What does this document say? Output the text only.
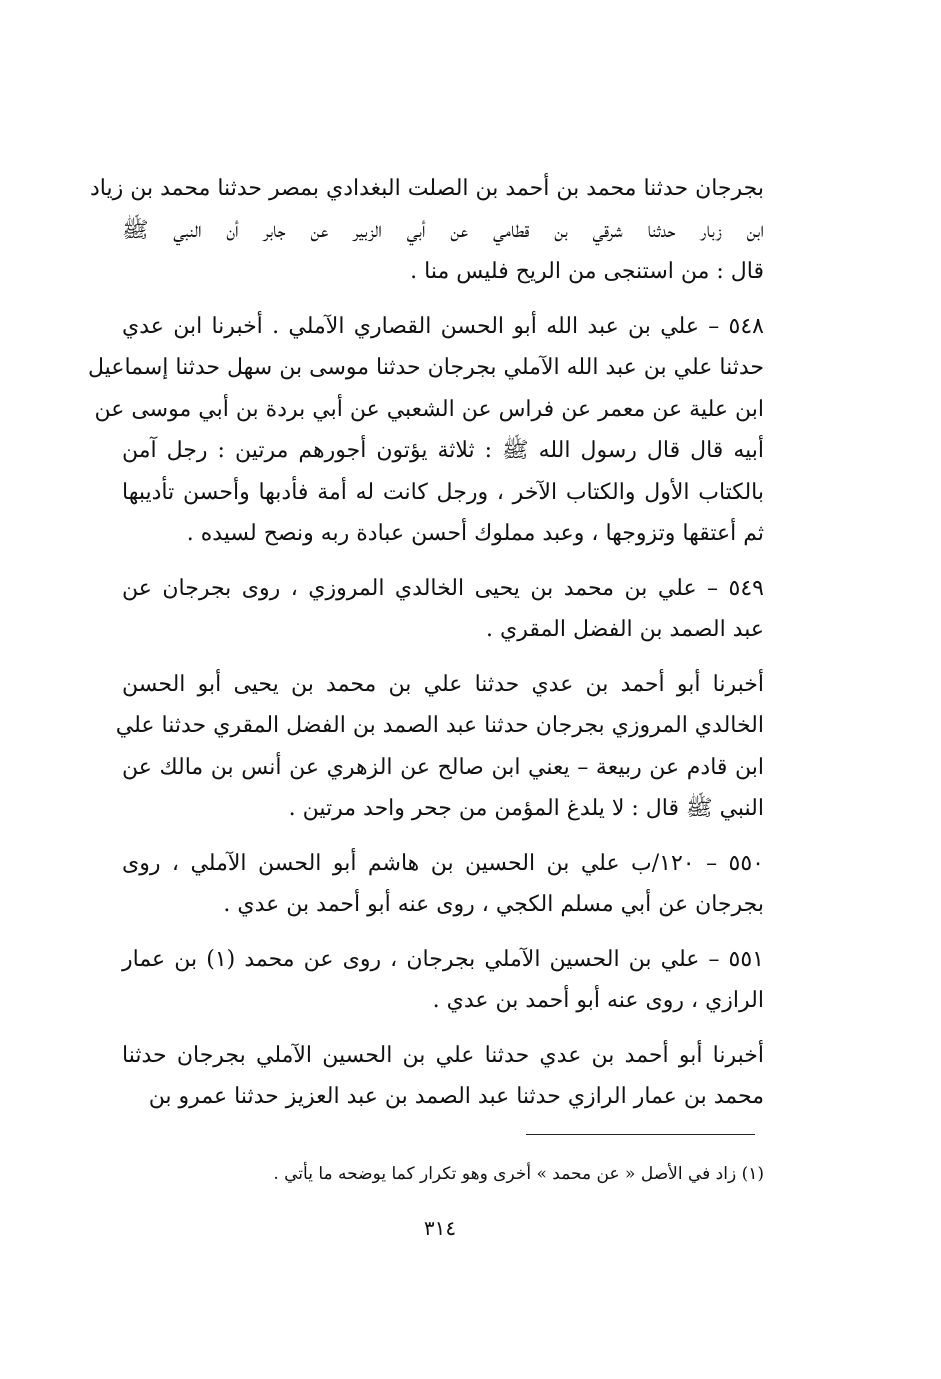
بجرجان حدثنا محمد بن أحمد بن الصلت البغدادي بمصر حدثنا محمد بن زياد
ابن زبار حدثنا شرقي بن قطامي عن أبي الزبير عن جابر أن النبي ﷺ
قال : من استنجى من الريح فليس منا .

٥٤٨ – علي بن عبد الله أبو الحسن القصاري الآملي . أخبرنا ابن عدي
حدثنا علي بن عبد الله الآملي بجرجان حدثنا موسى بن سهل حدثنا إسماعيل
ابن علية عن معمر عن فراس عن الشعبي عن أبي بردة بن أبي موسى عن
أبيه قال قال رسول الله ﷺ : ثلاثة يؤتون أجورهم مرتين : رجل آمن
بالكتاب الأول والكتاب الآخر ، ورجل كانت له أمة فأدبها وأحسن تأديبها
ثم أعتقها وتزوجها ، وعبد مملوك أحسن عبادة ربه ونصح لسيده .

٥٤٩ – علي بن محمد بن يحيى الخالدي المروزي ، روى بجرجان عن
عبد الصمد بن الفضل المقري .

أخبرنا أبو أحمد بن عدي حدثنا علي بن محمد بن يحيى أبو الحسن
الخالدي المروزي بجرجان حدثنا عبد الصمد بن الفضل المقري حدثنا علي
ابن قادم عن ربيعة – يعني ابن صالح عن الزهري عن أنس بن مالك عن
النبي ﷺ قال : لا يلدغ المؤمن من جحر واحد مرتين .

٥٥٠ – ١٢٠/ب علي بن الحسين بن هاشم أبو الحسن الآملي ، روى
بجرجان عن أبي مسلم الكجي ، روى عنه أبو أحمد بن عدي .

٥٥١ – علي بن الحسين الآملي بجرجان ، روى عن محمد (١) بن عمار
الرازي ، روى عنه أبو أحمد بن عدي .

أخبرنا أبو أحمد بن عدي حدثنا علي بن الحسين الآملي بجرجان حدثنا
محمد بن عمار الرازي حدثنا عبد الصمد بن عبد العزيز حدثنا عمرو بن

(١) زاد في الأصل « عن محمد » أخرى وهو تكرار كما يوضحه ما يأتي .
٣١٤
